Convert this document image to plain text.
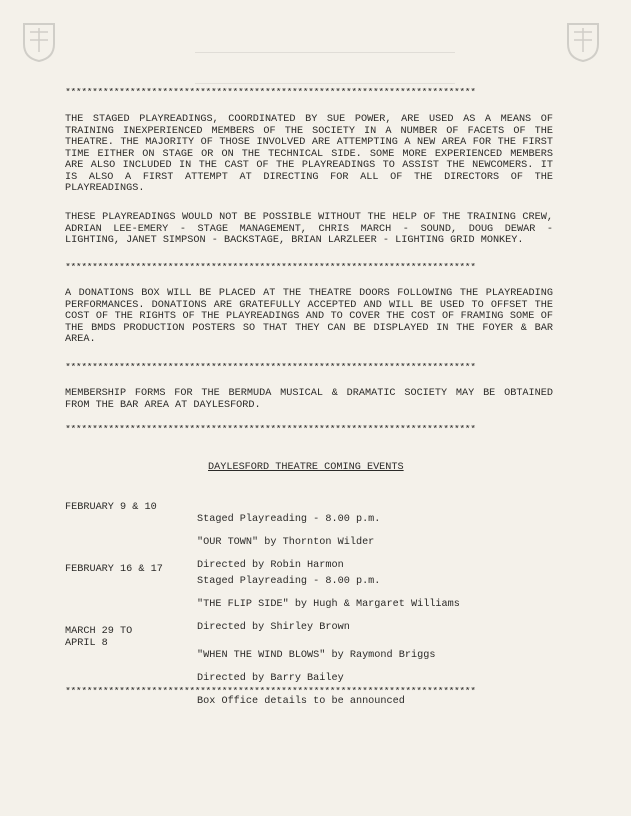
****************************************************************************
THE STAGED PLAYREADINGS, COORDINATED BY SUE POWER, ARE USED AS A MEANS OF TRAINING INEXPERIENCED MEMBERS OF THE SOCIETY IN A NUMBER OF FACETS OF THE THEATRE. THE MAJORITY OF THOSE INVOLVED ARE ATTEMPTING A NEW AREA FOR THE FIRST TIME EITHER ON STAGE OR ON THE TECHNICAL SIDE. SOME MORE EXPERIENCED MEMBERS ARE ALSO INCLUDED IN THE CAST OF THE PLAYREADINGS TO ASSIST THE NEWCOMERS. IT IS ALSO A FIRST ATTEMPT AT DIRECTING FOR ALL OF THE DIRECTORS OF THE PLAYREADINGS.
THESE PLAYREADINGS WOULD NOT BE POSSIBLE WITHOUT THE HELP OF THE TRAINING CREW, ADRIAN LEE-EMERY - STAGE MANAGEMENT, CHRIS MARCH - SOUND, DOUG DEWAR - LIGHTING, JANET SIMPSON - BACKSTAGE, BRIAN LARZLEER - LIGHTING GRID MONKEY.
****************************************************************************
A DONATIONS BOX WILL BE PLACED AT THE THEATRE DOORS FOLLOWING THE PLAYREADING PERFORMANCES. DONATIONS ARE GRATEFULLY ACCEPTED AND WILL BE USED TO OFFSET THE COST OF THE RIGHTS OF THE PLAYREADINGS AND TO COVER THE COST OF FRAMING SOME OF THE BMDS PRODUCTION POSTERS SO THAT THEY CAN BE DISPLAYED IN THE FOYER & BAR AREA.
****************************************************************************
MEMBERSHIP FORMS FOR THE BERMUDA MUSICAL & DRAMATIC SOCIETY MAY BE OBTAINED FROM THE BAR AREA AT DAYLESFORD.
****************************************************************************
DAYLESFORD THEATRE COMING EVENTS
FEBRUARY 9 & 10

Staged Playreading - 8.00 p.m.

"OUR TOWN" by Thornton Wilder

Directed by Robin Harmon

FEBRUARY 16 & 17

Staged Playreading - 8.00 p.m.

"THE FLIP SIDE" by Hugh & Margaret Williams

Directed by Shirley Brown

MARCH 29 TO
APRIL 8

"WHEN THE WIND BLOWS" by Raymond Briggs

Directed by Barry Bailey

Box Office details to be announced

****************************************************************************
